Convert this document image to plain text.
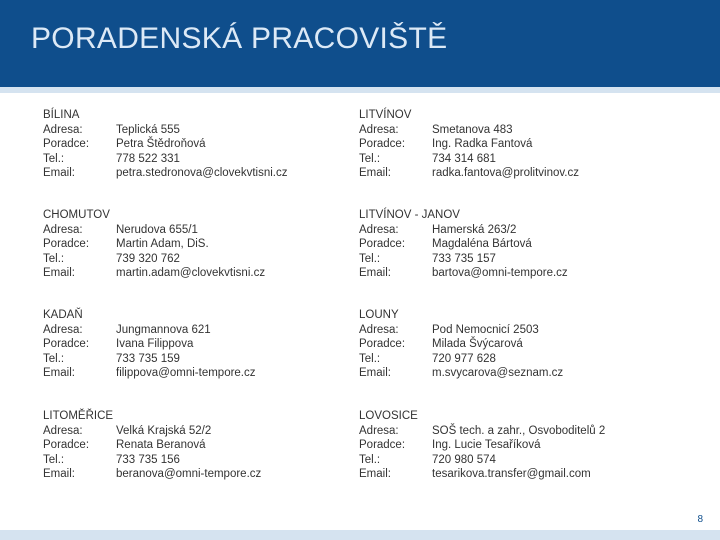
PORADENSKÁ PRACOVIŠTĚ
BÍLINA
Adresa:	Teplická 555
Poradce:	Petra Štědroňová
Tel.:	778 522 331
Email:	petra.stedronova@clovekvtisni.cz
LITVÍNOV
Adresa:	Smetanova 483
Poradce:	Ing. Radka Fantová
Tel.:	734 314 681
Email:	radka.fantova@prolitvinov.cz
CHOMUTOV
Adresa:	Nerudova 655/1
Poradce:	Martin Adam, DiS.
Tel.:	739 320 762
Email:	martin.adam@clovekvtisni.cz
LITVÍNOV - JANOV
Adresa:	Hamerská 263/2
Poradce:	Magdaléna Bártová
Tel.:	733 735 157
Email:	bartova@omni-tempore.cz
KADAŇ
Adresa:	Jungmannova 621
Poradce:	Ivana Filippova
Tel.:	733 735 159
Email:	filippova@omni-tempore.cz
LOUNY
Adresa:	Pod Nemocnicí 2503
Poradce:	Milada Švýcarová
Tel.:	720 977 628
Email:	m.svycarova@seznam.cz
LITOMĚŘICE
Adresa:	Velká Krajská 52/2
Poradce:	Renata Beranová
Tel.:	733 735 156
Email:	beranova@omni-tempore.cz
LOVOSICE
Adresa:	SOŠ tech. a zahr., Osvoboditelů 2
Poradce:	Ing. Lucie Tesaříková
Tel.:	720 980 574
Email:	tesarikova.transfer@gmail.com
8
